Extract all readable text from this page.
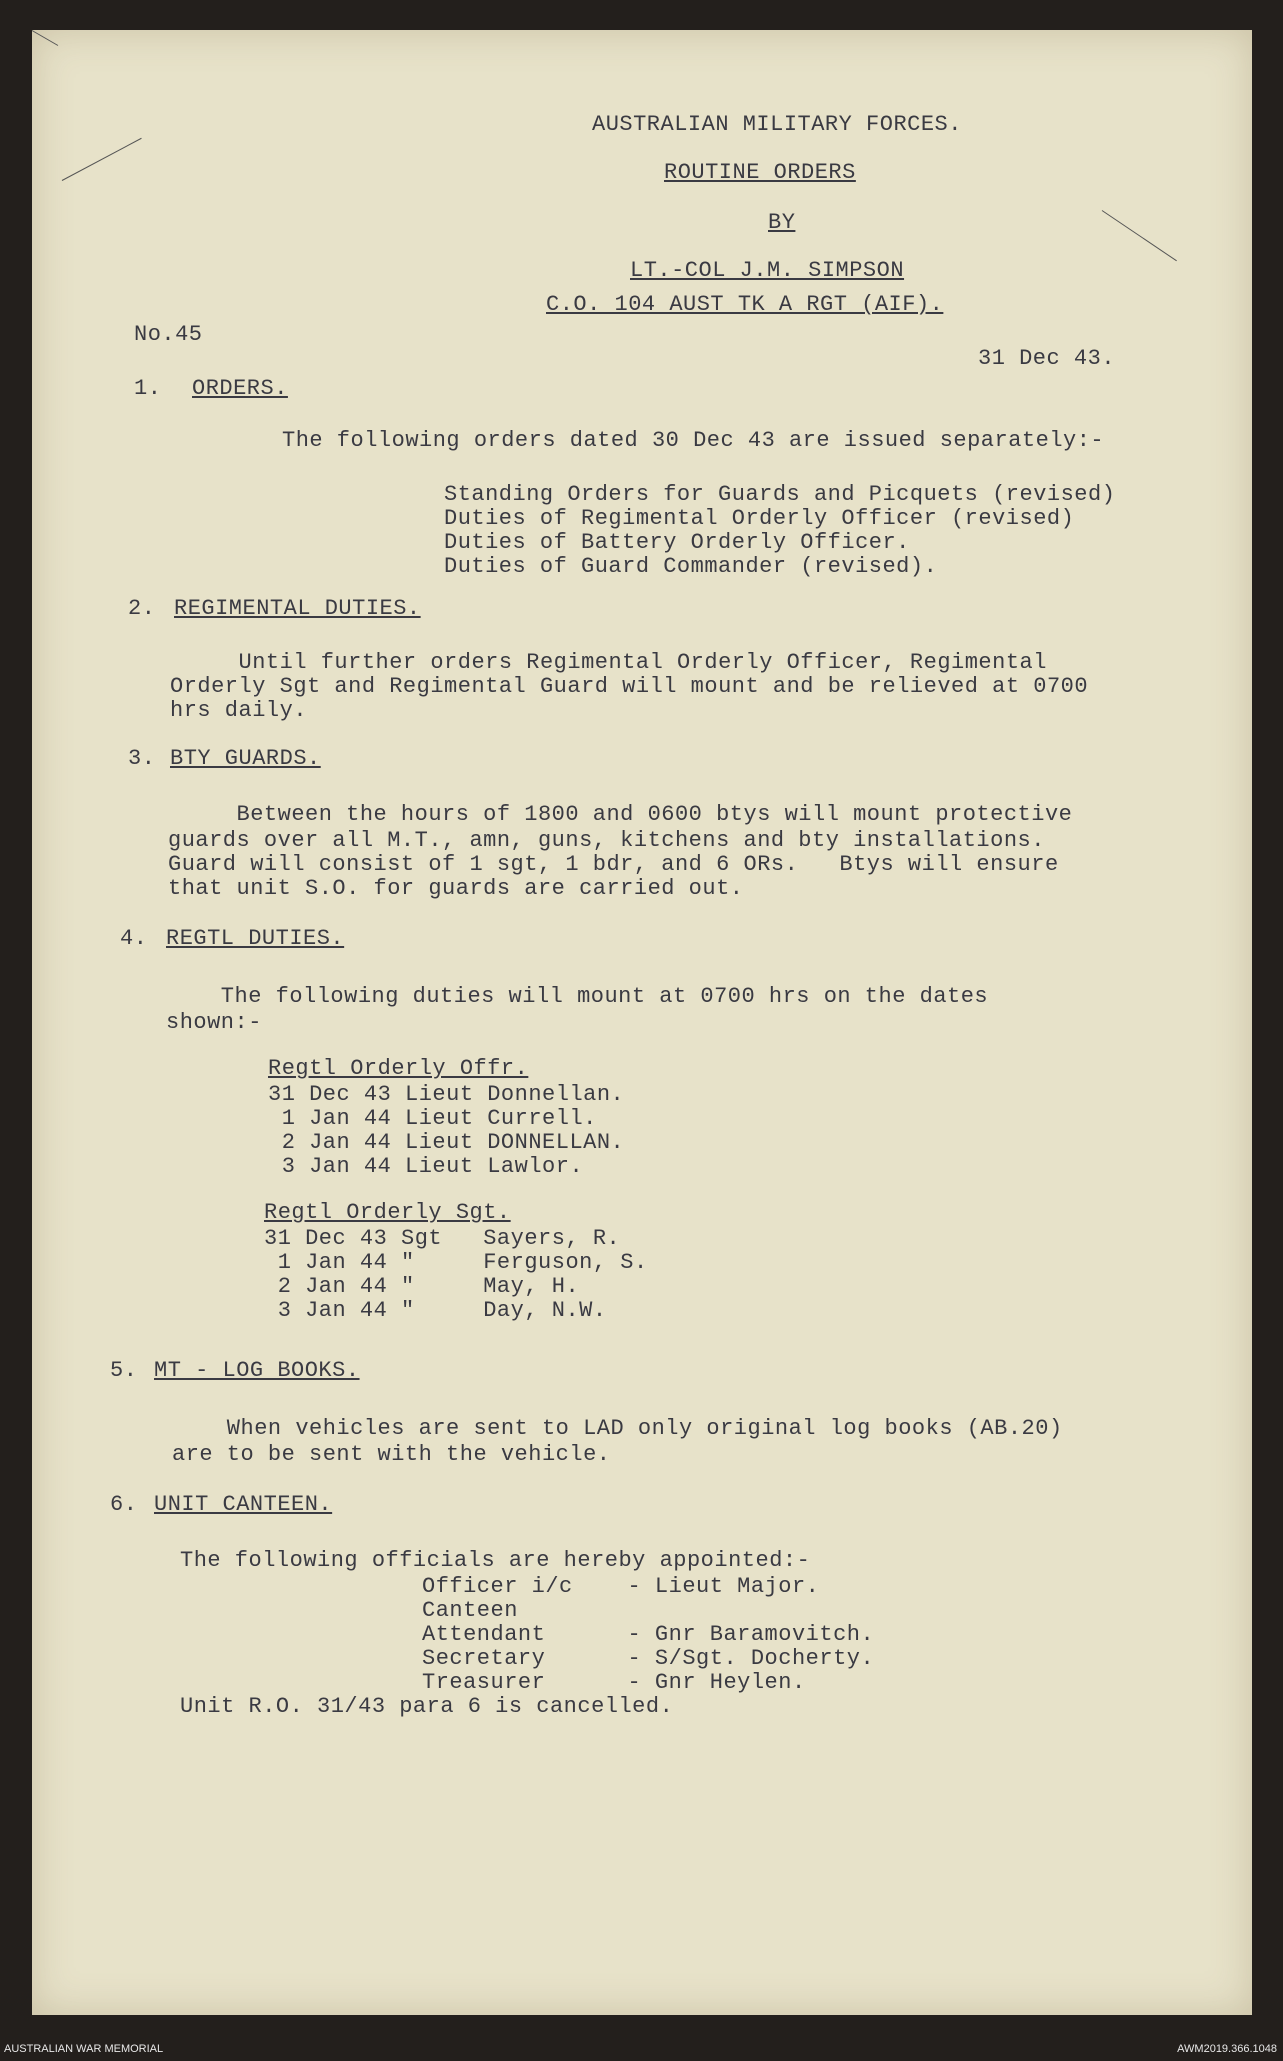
AUSTRALIAN MILITARY FORCES.
ROUTINE ORDERS
BY
LT.-COL J.M. SIMPSON
C.O. 104 AUST TK A RGT (AIF).
No.45
31 Dec 43.
1. ORDERS.
The following orders dated 30 Dec 43 are issued separately:-
Standing Orders for Guards and Picquets (revised)
Duties of Regimental Orderly Officer (revised)
Duties of Battery Orderly Officer.
Duties of Guard Commander (revised).
2. REGIMENTAL DUTIES.
Until further orders Regimental Orderly Officer, Regimental
Orderly Sgt and Regimental Guard will mount and be relieved at 0700
hrs daily.
3. BTY GUARDS.
Between the hours of 1800 and 0600 btys will mount protective
guards over all M.T., amn, guns, kitchens and bty installations.
Guard will consist of 1 sgt, 1 bdr, and 6 ORs.   Btys will ensure
that unit S.O. for guards are carried out.
4. REGTL DUTIES.
The following duties will mount at 0700 hrs on the dates
shown:-
Regtl Orderly Offr.
31 Dec 43 Lieut Donnellan.
1 Jan 44 Lieut Currell.
2 Jan 44 Lieut DONNELLAN.
3 Jan 44 Lieut Lawlor.
Regtl Orderly Sgt.
31 Dec 43 Sgt   Sayers, R.
1 Jan 44 "     Ferguson, S.
2 Jan 44 "     May, H.
3 Jan 44 "     Day, N.W.
5. MT - LOG BOOKS.
When vehicles are sent to LAD only original log books (AB.20)
are to be sent with the vehicle.
6. UNIT CANTEEN.
The following officials are hereby appointed:-
Officer i/c    - Lieut Major.
Canteen
Attendant      - Gnr Baramovitch.
Secretary      - S/Sgt. Docherty.
Treasurer      - Gnr Heylen.
Unit R.O. 31/43 para 6 is cancelled.
AUSTRALIAN WAR MEMORIAL	AWM2019.366.1048
